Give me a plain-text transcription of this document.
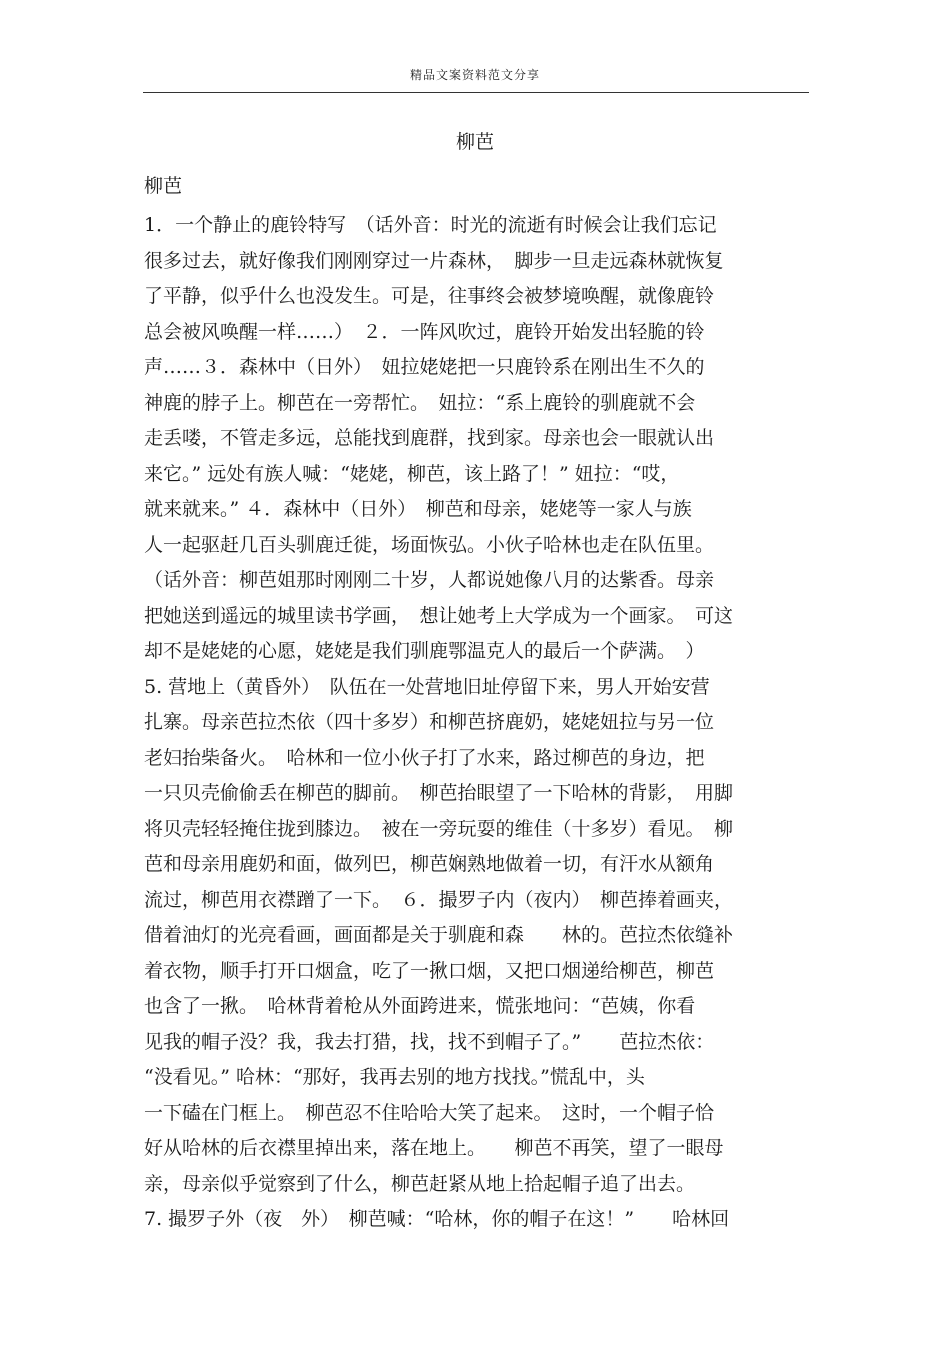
精品文案资料范文分享
柳芭
柳芭
1．一个静止的鹿铃特写　（话外音：时光的流逝有时候会让我们忘记
很多过去，就好像我们刚刚穿过一片森林，　脚步一旦走远森林就恢复
了平静，似乎什么也没发生。可是，往事终会被梦境唤醒，就像鹿铃
总会被风唤醒一样……）　２．一阵风吹过，鹿铃开始发出轻脆的铃
声……３．森林中（日外）　妞拉姥姥把一只鹿铃系在刚出生不久的
神鹿的脖子上。柳芭在一旁帮忙。　妞拉：“系上鹿铃的驯鹿就不会
走丢喽，不管走多远，总能找到鹿群，找到家。母亲也会一眼就认出
来它。” 远处有族人喊：“姥姥，柳芭，该上路了！” 妞拉：“哎，
就来就来。” ４．森林中（日外）　柳芭和母亲，姥姥等一家人与族
人一起驱赶几百头驯鹿迁徙，场面恢弘。小伙子哈林也走在队伍里。
（话外音：柳芭姐那时刚刚二十岁，人都说她像八月的达紫香。母亲
把她送到遥远的城里读书学画，　想让她考上大学成为一个画家。　可这
却不是姥姥的心愿，姥姥是我们驯鹿鄂温克人的最后一个萨满。　）
5. 营地上（黄昏外）　队伍在一处营地旧址停留下来，男人开始安营
扎寨。母亲芭拉杰依（四十多岁）和柳芭挤鹿奶，姥姥妞拉与另一位
老妇抬柴备火。　哈林和一位小伙子打了水来，路过柳芭的身边，把
一只贝壳偷偷丢在柳芭的脚前。　柳芭抬眼望了一下哈林的背影，　用脚
将贝壳轻轻掩住拢到膝边。　被在一旁玩耍的维佳（十多岁）看见。　柳
芭和母亲用鹿奶和面，做列巴，柳芭娴熟地做着一切，有汗水从额角
流过，柳芭用衣襟蹭了一下。　６．撮罗子内（夜内）　柳芭捧着画夹，
借着油灯的光亮看画，画面都是关于驯鹿和森　　林的。芭拉杰依缝补
着衣物，顺手打开口烟盒，吃了一揪口烟，又把口烟递给柳芭，柳芭
也含了一揪。　哈林背着枪从外面跨进来，慌张地问：“芭姨，你看
见我的帽子没？我，我去打猎，找，找不到帽子了。”　　芭拉杰依：
“没看见。” 哈林：“那好，我再去别的地方找找。”慌乱中，头
一下磕在门框上。　柳芭忍不住哈哈大笑了起来。　这时，一个帽子恰
好从哈林的后衣襟里掉出来，落在地上。　　柳芭不再笑，望了一眼母
亲，母亲似乎觉察到了什么，柳芭赶紧从地上拾起帽子追了出去。
7. 撮罗子外（夜　外）　柳芭喊：“哈林，你的帽子在这！”　　哈林回
